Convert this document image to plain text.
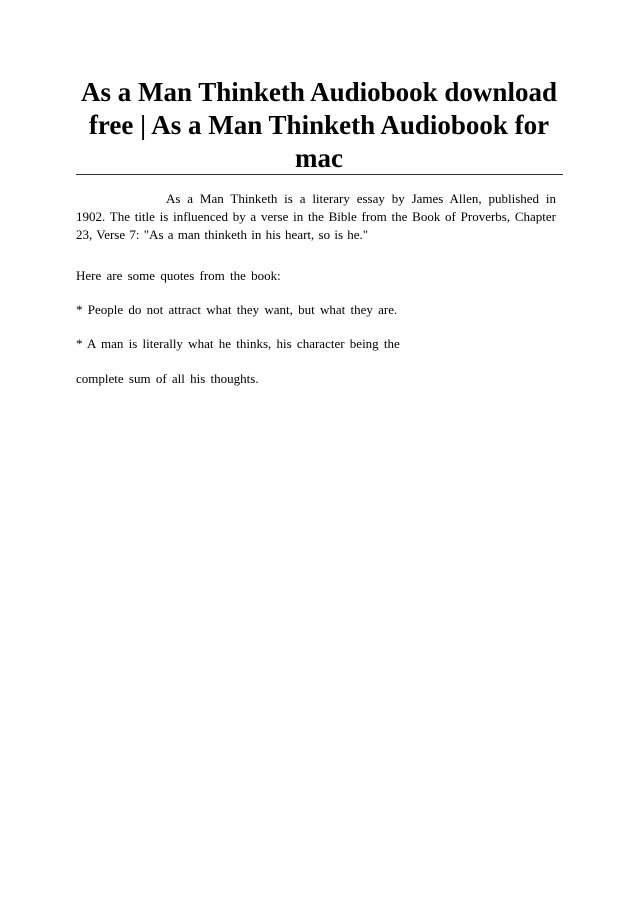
As a Man Thinketh Audiobook download free | As a Man Thinketh Audiobook for mac

As a Man Thinketh is a literary essay by James Allen, published in 1902. The title is influenced by a verse in the Bible from the Book of Proverbs, Chapter 23, Verse 7: "As a man thinketh in his heart, so is he."

Here are some quotes from the book:

* People do not attract what they want, but what they are.

* A man is literally what he thinks, his character being the

complete sum of all his thoughts.
